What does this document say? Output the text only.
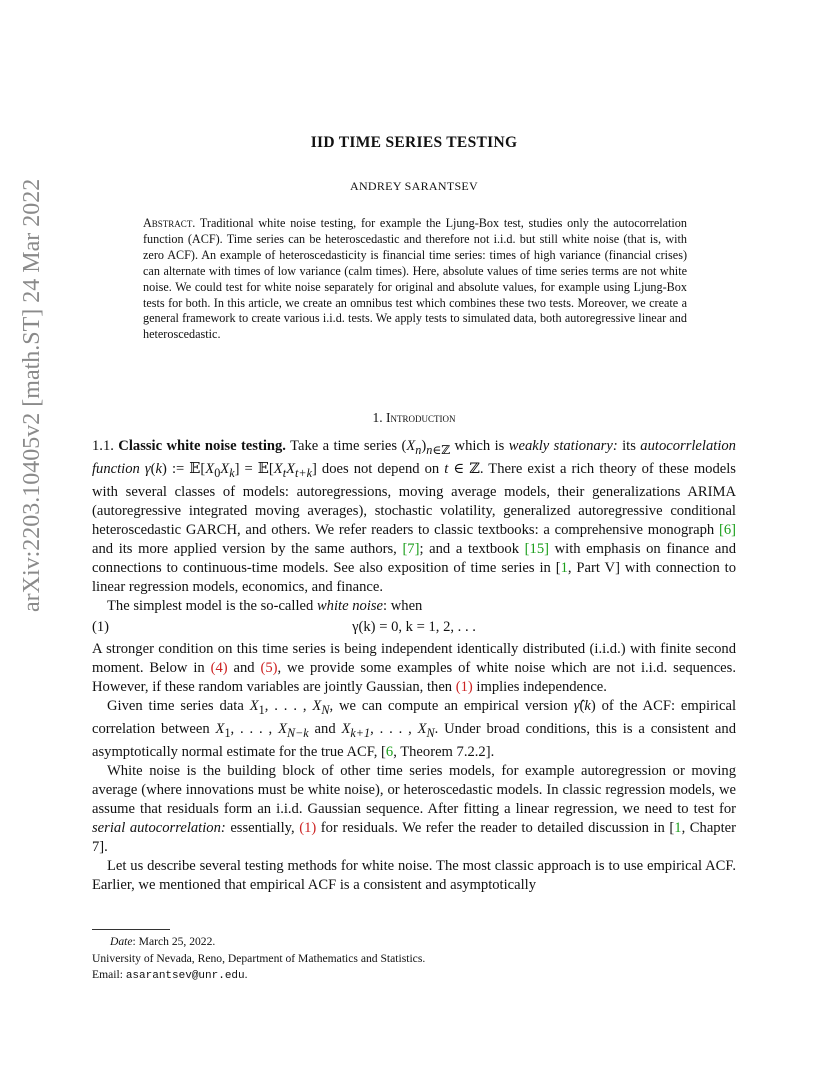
arXiv:2203.10405v2 [math.ST] 24 Mar 2022
IID TIME SERIES TESTING
ANDREY SARANTSEV
Abstract. Traditional white noise testing, for example the Ljung-Box test, studies only the autocorrelation function (ACF). Time series can be heteroscedastic and therefore not i.i.d. but still white noise (that is, with zero ACF). An example of heteroscedasticity is financial time series: times of high variance (financial crises) can alternate with times of low variance (calm times). Here, absolute values of time series terms are not white noise. We could test for white noise separately for original and absolute values, for example using Ljung-Box tests for both. In this article, we create an omnibus test which combines these two tests. Moreover, we create a general framework to create various i.i.d. tests. We apply tests to simulated data, both autoregressive linear and heteroscedastic.
1. Introduction

1.1. Classic white noise testing. Take a time series $(X_n)_{n\in ℤ}$ which is weakly stationary: its autocorrlelation function γ(k) := $𝔼[X_0X_k]$ = $𝔼[X_tX_{t+k}]$ does not depend on t ∈ ℤ. There exist a rich theory of these models with several classes of models: autoregressions, moving average models, their generalizations ARIMA (autoregressive integrated moving averages), stochastic volatility, generalized autoregressive conditional heteroscedastic GARCH, and others. We refer readers to classic textbooks: a comprehensive monograph [6] and its more applied version by the same authors, [7]; and a textbook [15] with emphasis on finance and connections to continuous-time models. See also exposition of time series in [1, Part V] with connection to linear regression models, economics, and finance.

The simplest model is the so-called white noise: when

(1)	γ(k) = 0, k = 1, 2, . . .

A stronger condition on this time series is being independent identically distributed (i.i.d.) with finite second moment. Below in (4) and (5), we provide some examples of white noise which are not i.i.d. sequences. However, if these random variables are jointly Gaussian, then (1) implies independence.

Given time series data $X_1$, . . . , $X_N$, we can compute an empirical version γ̂(k) of the ACF: empirical correlation between $X_1$, . . . , $X_{N-k}$ and $X_{k+1}$, . . . , $X_N$. Under broad conditions, this is a consistent and asymptotically normal estimate for the true ACF, [6, Theorem 7.2.2].

White noise is the building block of other time series models, for example autoregression or moving average (where innovations must be white noise), or heteroscedastic models. In classic regression models, we assume that residuals form an i.i.d. Gaussian sequence. After fitting a linear regression, we need to test for serial autocorrelation: essentially, (1) for residuals. We refer the reader to detailed discussion in [1, Chapter 7].

Let us describe several testing methods for white noise. The most classic approach is to use empirical ACF. Earlier, we mentioned that empirical ACF is a consistent and asymptotically

Date: March 25, 2022.
University of Nevada, Reno, Department of Mathematics and Statistics.
Email: asarantsev@unr.edu.
